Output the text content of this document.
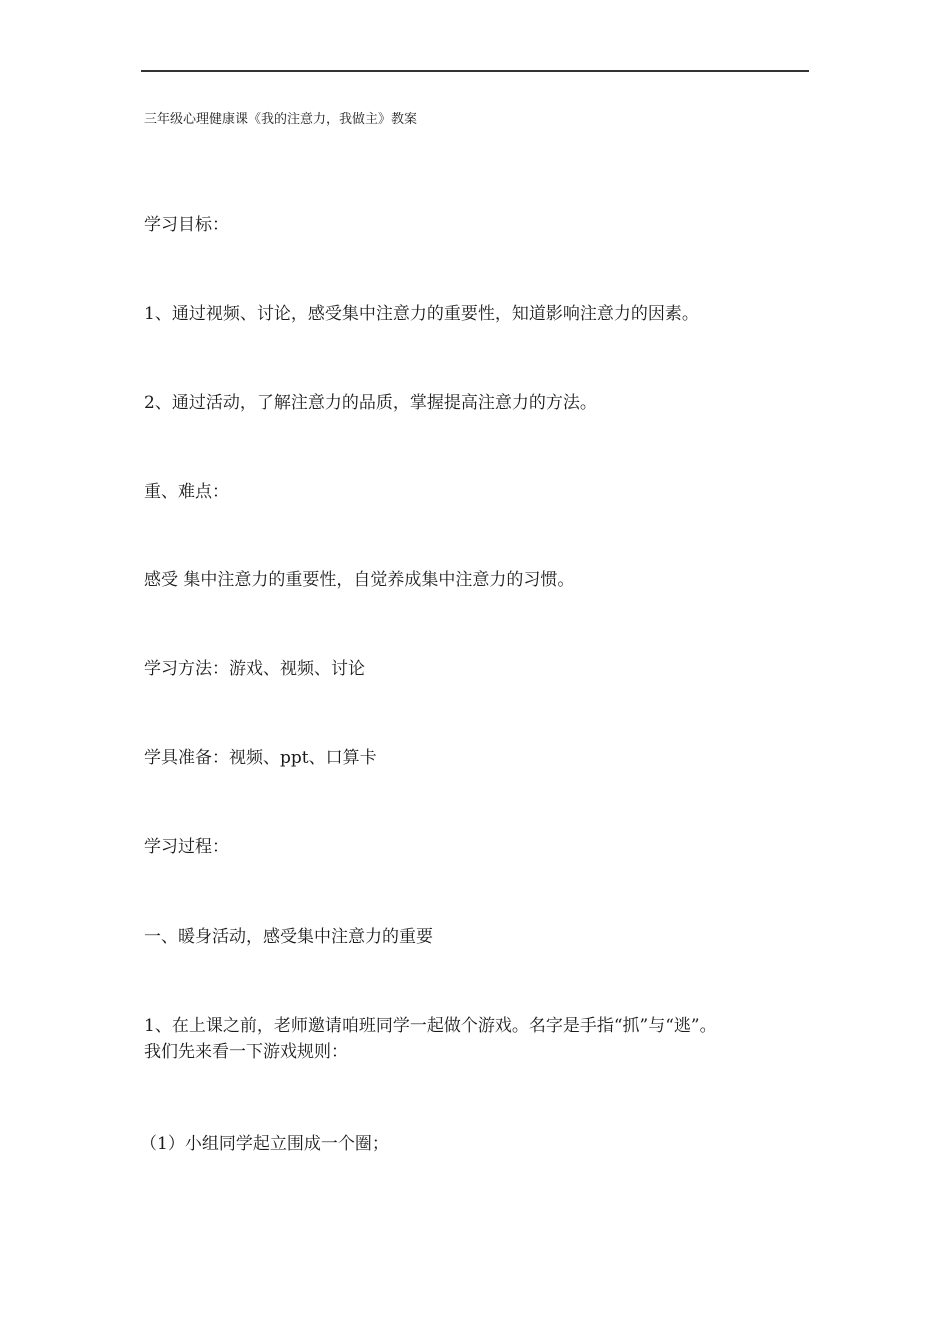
三年级心理健康课《我的注意力，我做主》教案
学习目标：
1、通过视频、讨论，感受集中注意力的重要性，知道影响注意力的因素。
2、通过活动，了解注意力的品质，掌握提高注意力的方法。
重、难点：
感受 集中注意力的重要性，自觉养成集中注意力的习惯。
学习方法：游戏、视频、讨论
学具准备：视频、ppt、口算卡
学习过程：
一、暖身活动，感受集中注意力的重要
1、在上课之前，老师邀请咱班同学一起做个游戏。名字是手指“抓”与“逃”。
我们先来看一下游戏规则：
（1）小组同学起立围成一个圈；
